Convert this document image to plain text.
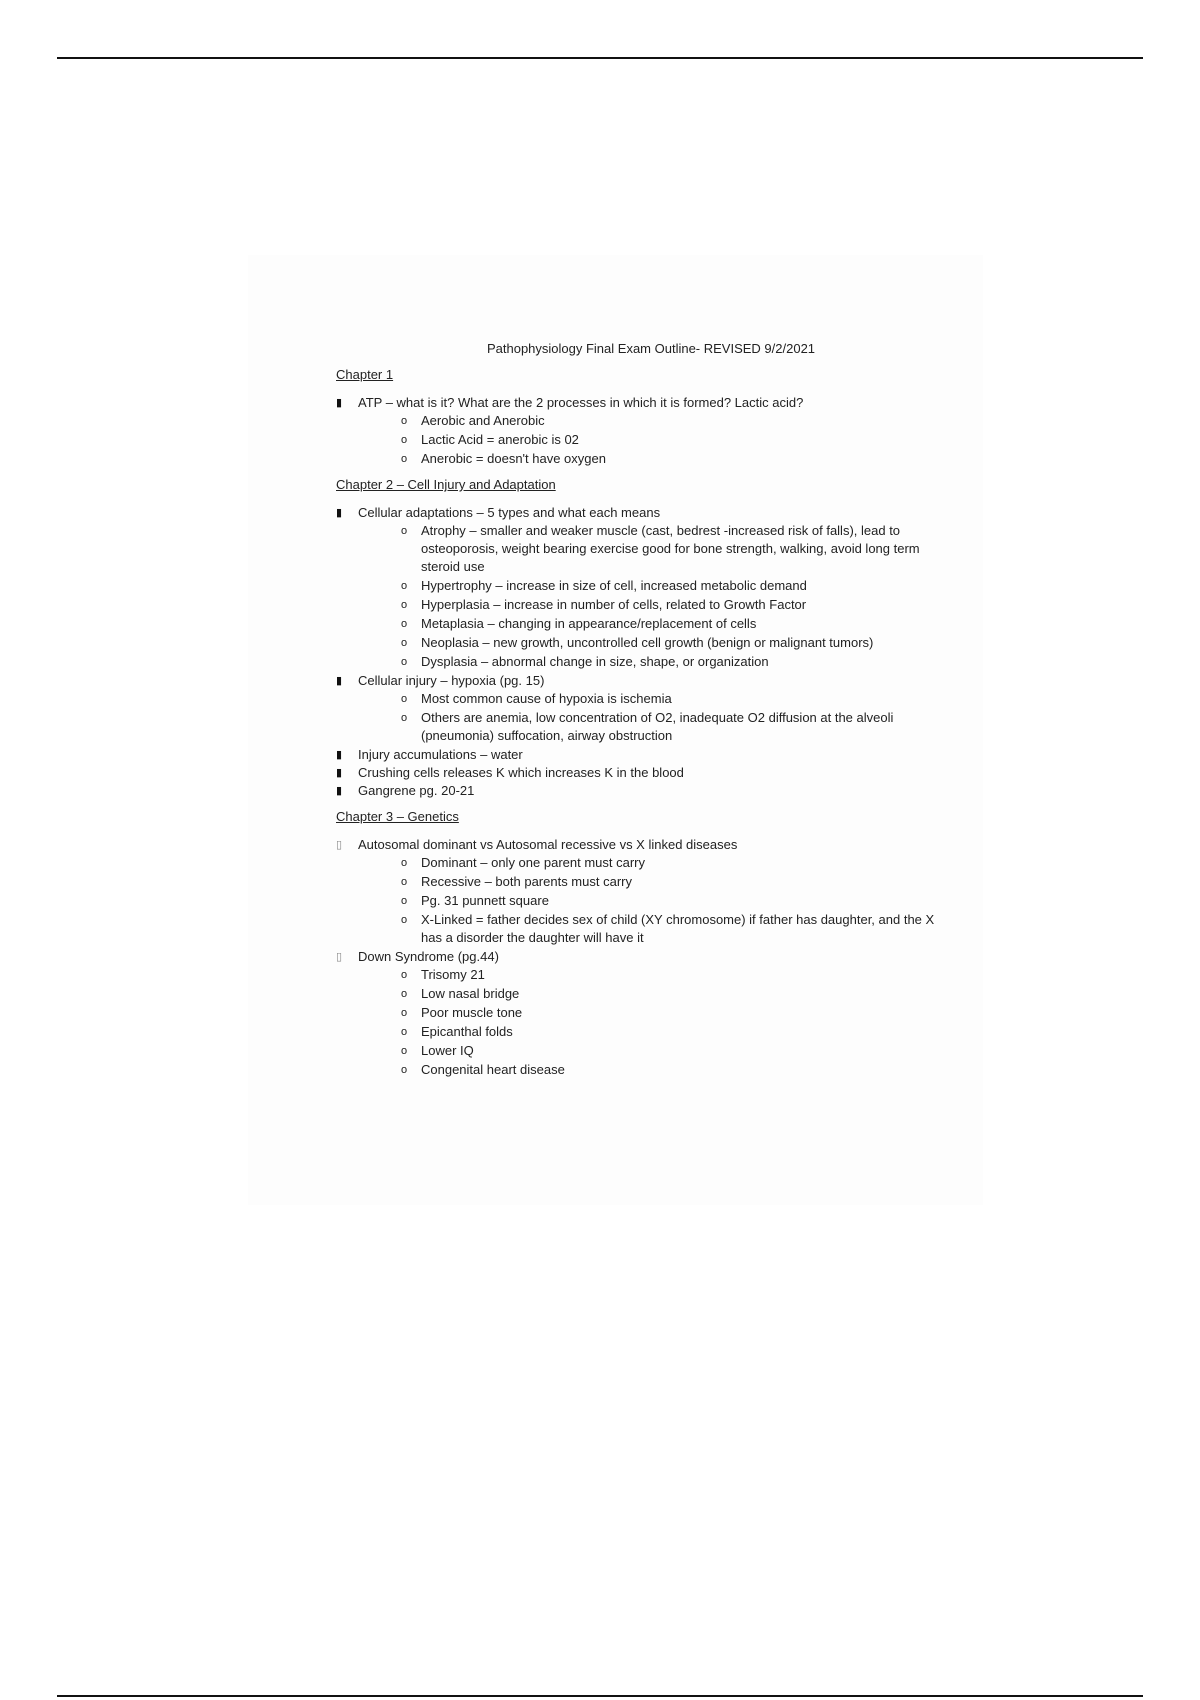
Pathophysiology Final Exam Outline- REVISED 9/2/2021
Chapter 1
▮	ATP – what is it? What are the 2 processes in which it is formed? Lactic acid?
o Aerobic and Anerobic
o Lactic Acid = anerobic is 02
o Anerobic = doesn't have oxygen
Chapter 2 – Cell Injury and Adaptation
▮	Cellular adaptations – 5 types and what each means
o Atrophy – smaller and weaker muscle (cast, bedrest -increased risk of falls), lead to osteoporosis, weight bearing exercise good for bone strength, walking, avoid long term steroid use
o Hypertrophy – increase in size of cell, increased metabolic demand
o Hyperplasia – increase in number of cells, related to Growth Factor
o Metaplasia – changing in appearance/replacement of cells
o Neoplasia – new growth, uncontrolled cell growth (benign or malignant tumors)
o Dysplasia – abnormal change in size, shape, or organization
▮	Cellular injury – hypoxia (pg. 15)
o Most common cause of hypoxia is ischemia
o Others are anemia, low concentration of O2, inadequate O2 diffusion at the alveoli (pneumonia) suffocation, airway obstruction
▮	Injury accumulations – water
▮	Crushing cells releases K which increases K in the blood
▮	Gangrene pg. 20-21
Chapter 3 – Genetics
▯	Autosomal dominant vs Autosomal recessive vs X linked diseases
o Dominant – only one parent must carry
o Recessive – both parents must carry
o Pg. 31 punnett square
o X-Linked = father decides sex of child (XY chromosome) if father has daughter, and the X has a disorder the daughter will have it
▯	Down Syndrome (pg.44)
o Trisomy 21
o Low nasal bridge
o Poor muscle tone
o Epicanthal folds
o Lower IQ
o Congenital heart disease
